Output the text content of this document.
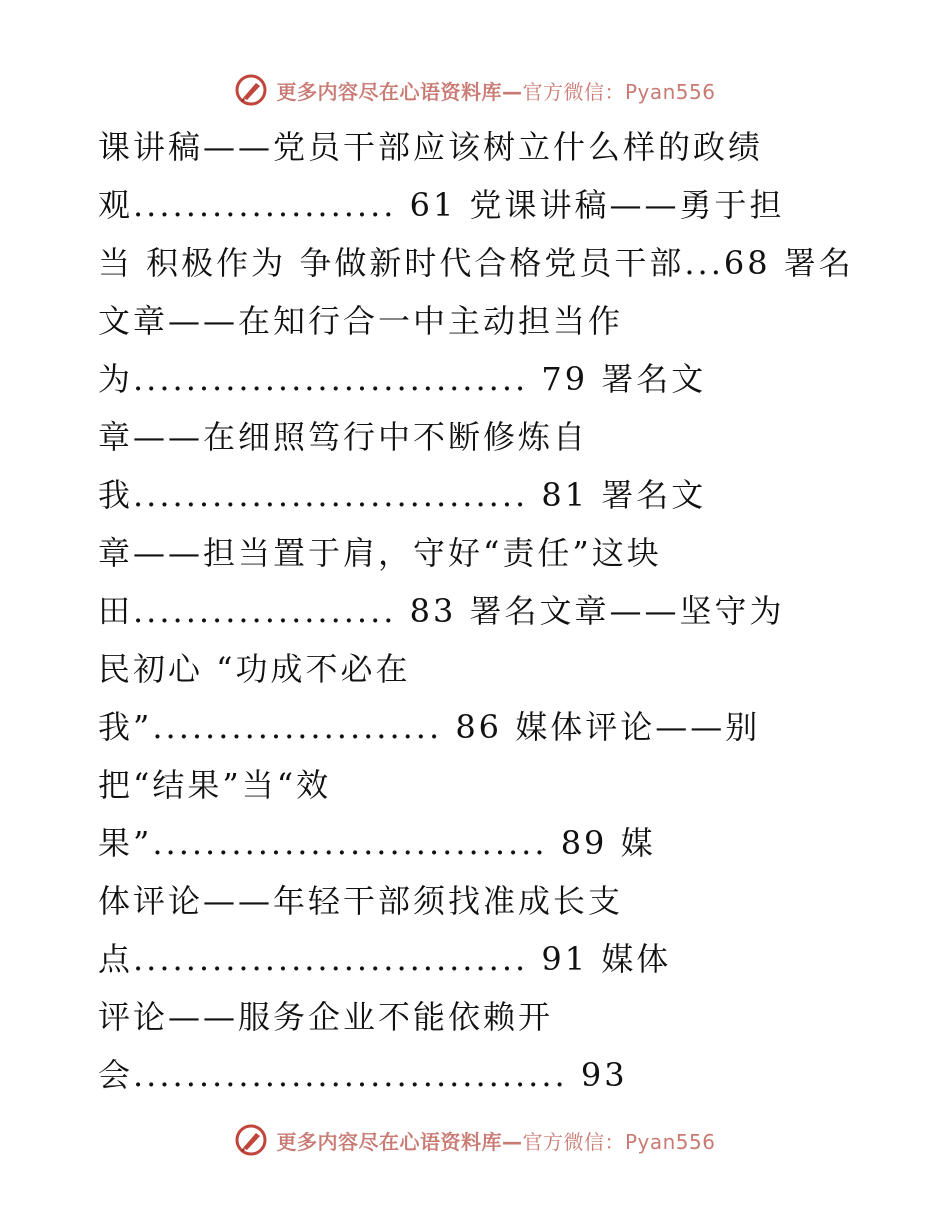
更多内容尽在心语资料库—官方微信：Pyan556
课讲稿——党员干部应该树立什么样的政绩
观.................... 61 党课讲稿——勇于担
当 积极作为 争做新时代合格党员干部...68 署名
文章——在知行合一中主动担当作
为.............................. 79 署名文
章——在细照笃行中不断修炼自
我.............................. 81 署名文
章——担当置于肩，守好“责任”这块
田.................... 83 署名文章——坚守为
民初心 “功成不必在
我”...................... 86 媒体评论——别
把“结果”当“效
果”.............................. 89 媒
体评论——年轻干部须找准成长支
点.............................. 91 媒体
评论——服务企业不能依赖开
会................................. 93
更多内容尽在心语资料库—官方微信：Pyan556
